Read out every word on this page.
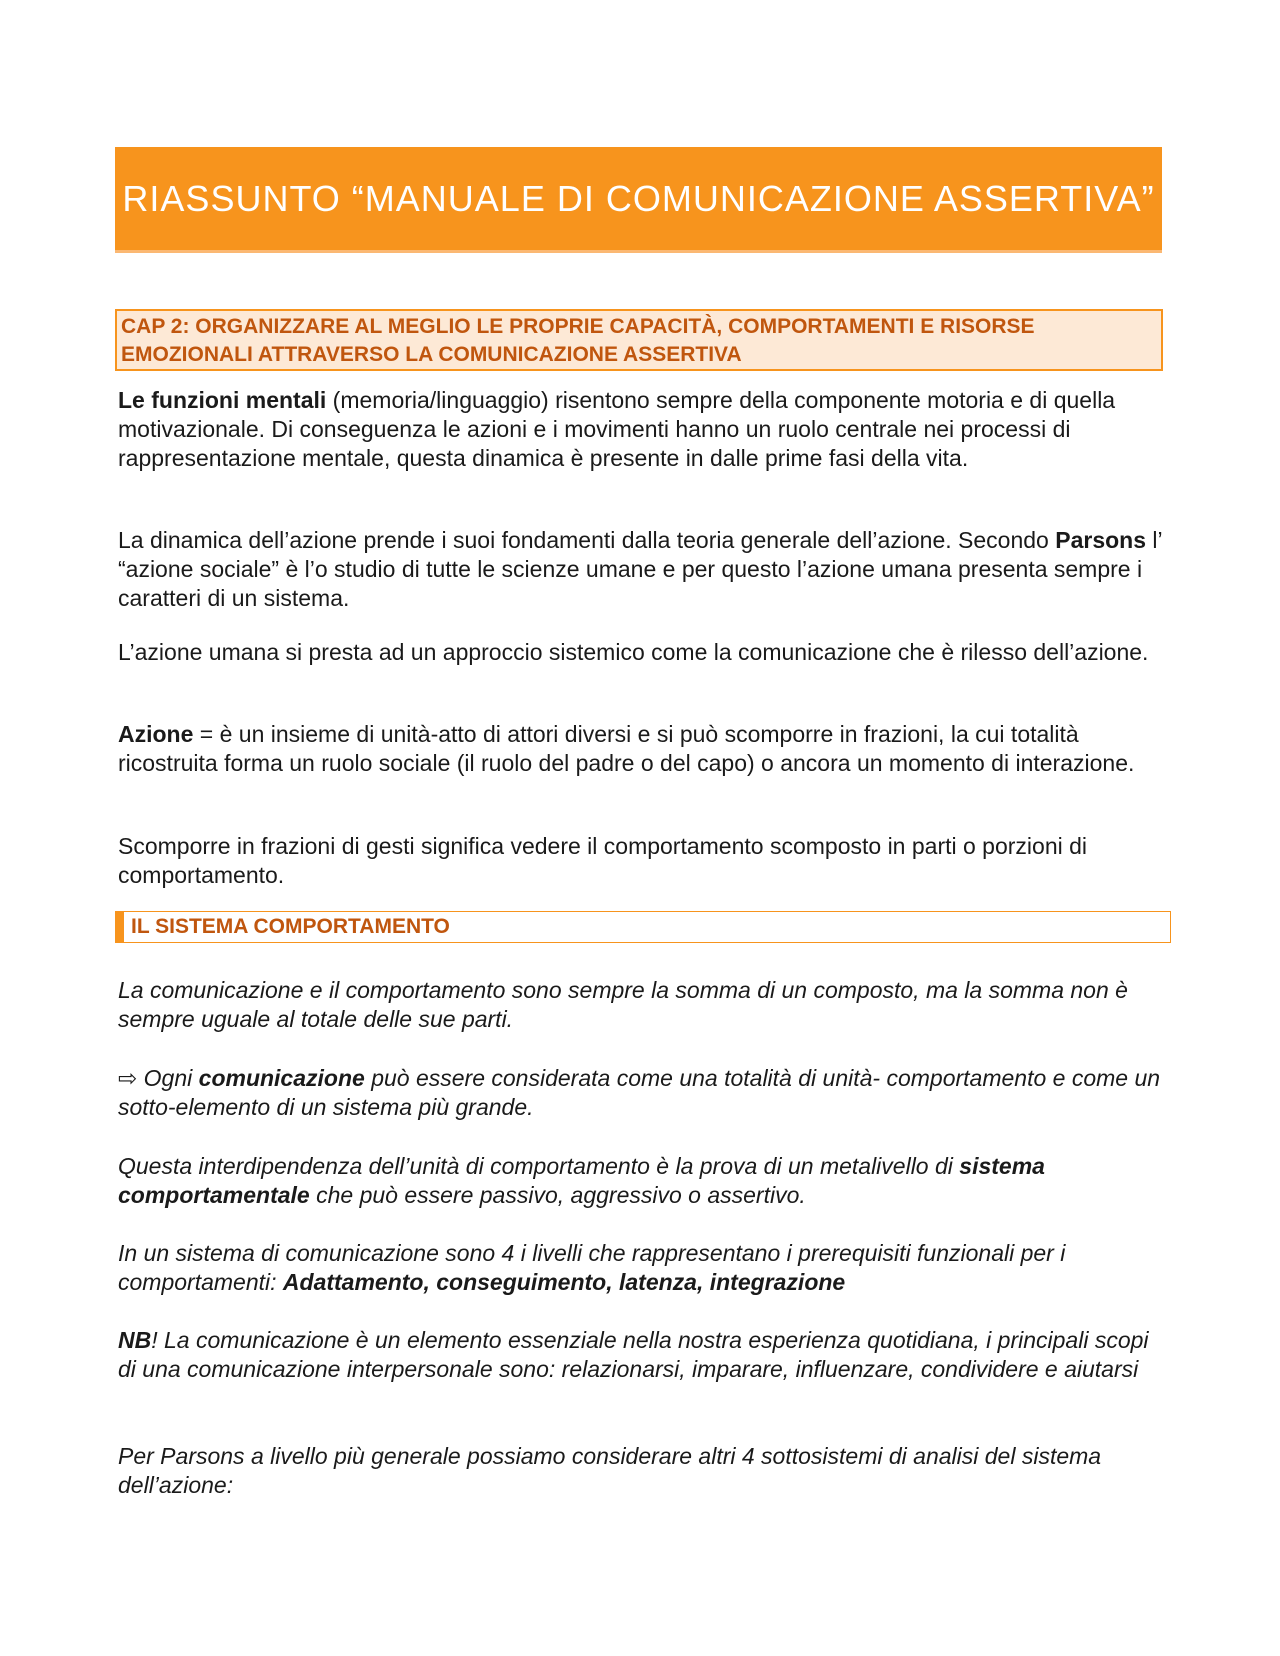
RIASSUNTO “MANUALE DI COMUNICAZIONE ASSERTIVA”
CAP 2: ORGANIZZARE AL MEGLIO LE PROPRIE CAPACITÀ, COMPORTAMENTI E RISORSE EMOZIONALI ATTRAVERSO LA COMUNICAZIONE ASSERTIVA

Le funzioni mentali (memoria/linguaggio) risentono sempre della componente motoria e di quella motivazionale. Di conseguenza le azioni e i movimenti hanno un ruolo centrale nei processi di rappresentazione mentale, questa dinamica è presente in dalle prime fasi della vita.

La dinamica dell’azione prende i suoi fondamenti dalla teoria generale dell’azione. Secondo Parsons l’ “azione sociale” è l’o studio di tutte le scienze umane e per questo l’azione umana presenta sempre i caratteri di un sistema.

L’azione umana si presta ad un approccio sistemico come la comunicazione che è rilesso dell’azione.

Azione = è un insieme di unità-atto di attori diversi e si può scomporre in frazioni, la cui totalità ricostruita forma un ruolo sociale (il ruolo del padre o del capo) o ancora un momento di interazione.

Scomporre in frazioni di gesti significa vedere il comportamento scomposto in parti o porzioni di comportamento.

IL SISTEMA COMPORTAMENTO

La comunicazione e il comportamento sono sempre la somma di un composto, ma la somma non è sempre uguale al totale delle sue parti.

⇨ Ogni comunicazione può essere considerata come una totalità di unità- comportamento e come un sotto-elemento di un sistema più grande.

Questa interdipendenza dell’unità di comportamento è la prova di un metalivello di sistema comportamentale che può essere passivo, aggressivo o assertivo.

In un sistema di comunicazione sono 4 i livelli che rappresentano i prerequisiti funzionali per i comportamenti: Adattamento, conseguimento, latenza, integrazione

NB! La comunicazione è un elemento essenziale nella nostra esperienza quotidiana, i principali scopi di una comunicazione interpersonale sono: relazionarsi, imparare, influenzare, condividere e aiutarsi

Per Parsons a livello più generale possiamo considerare altri 4 sottosistemi di analisi del sistema dell’azione:
